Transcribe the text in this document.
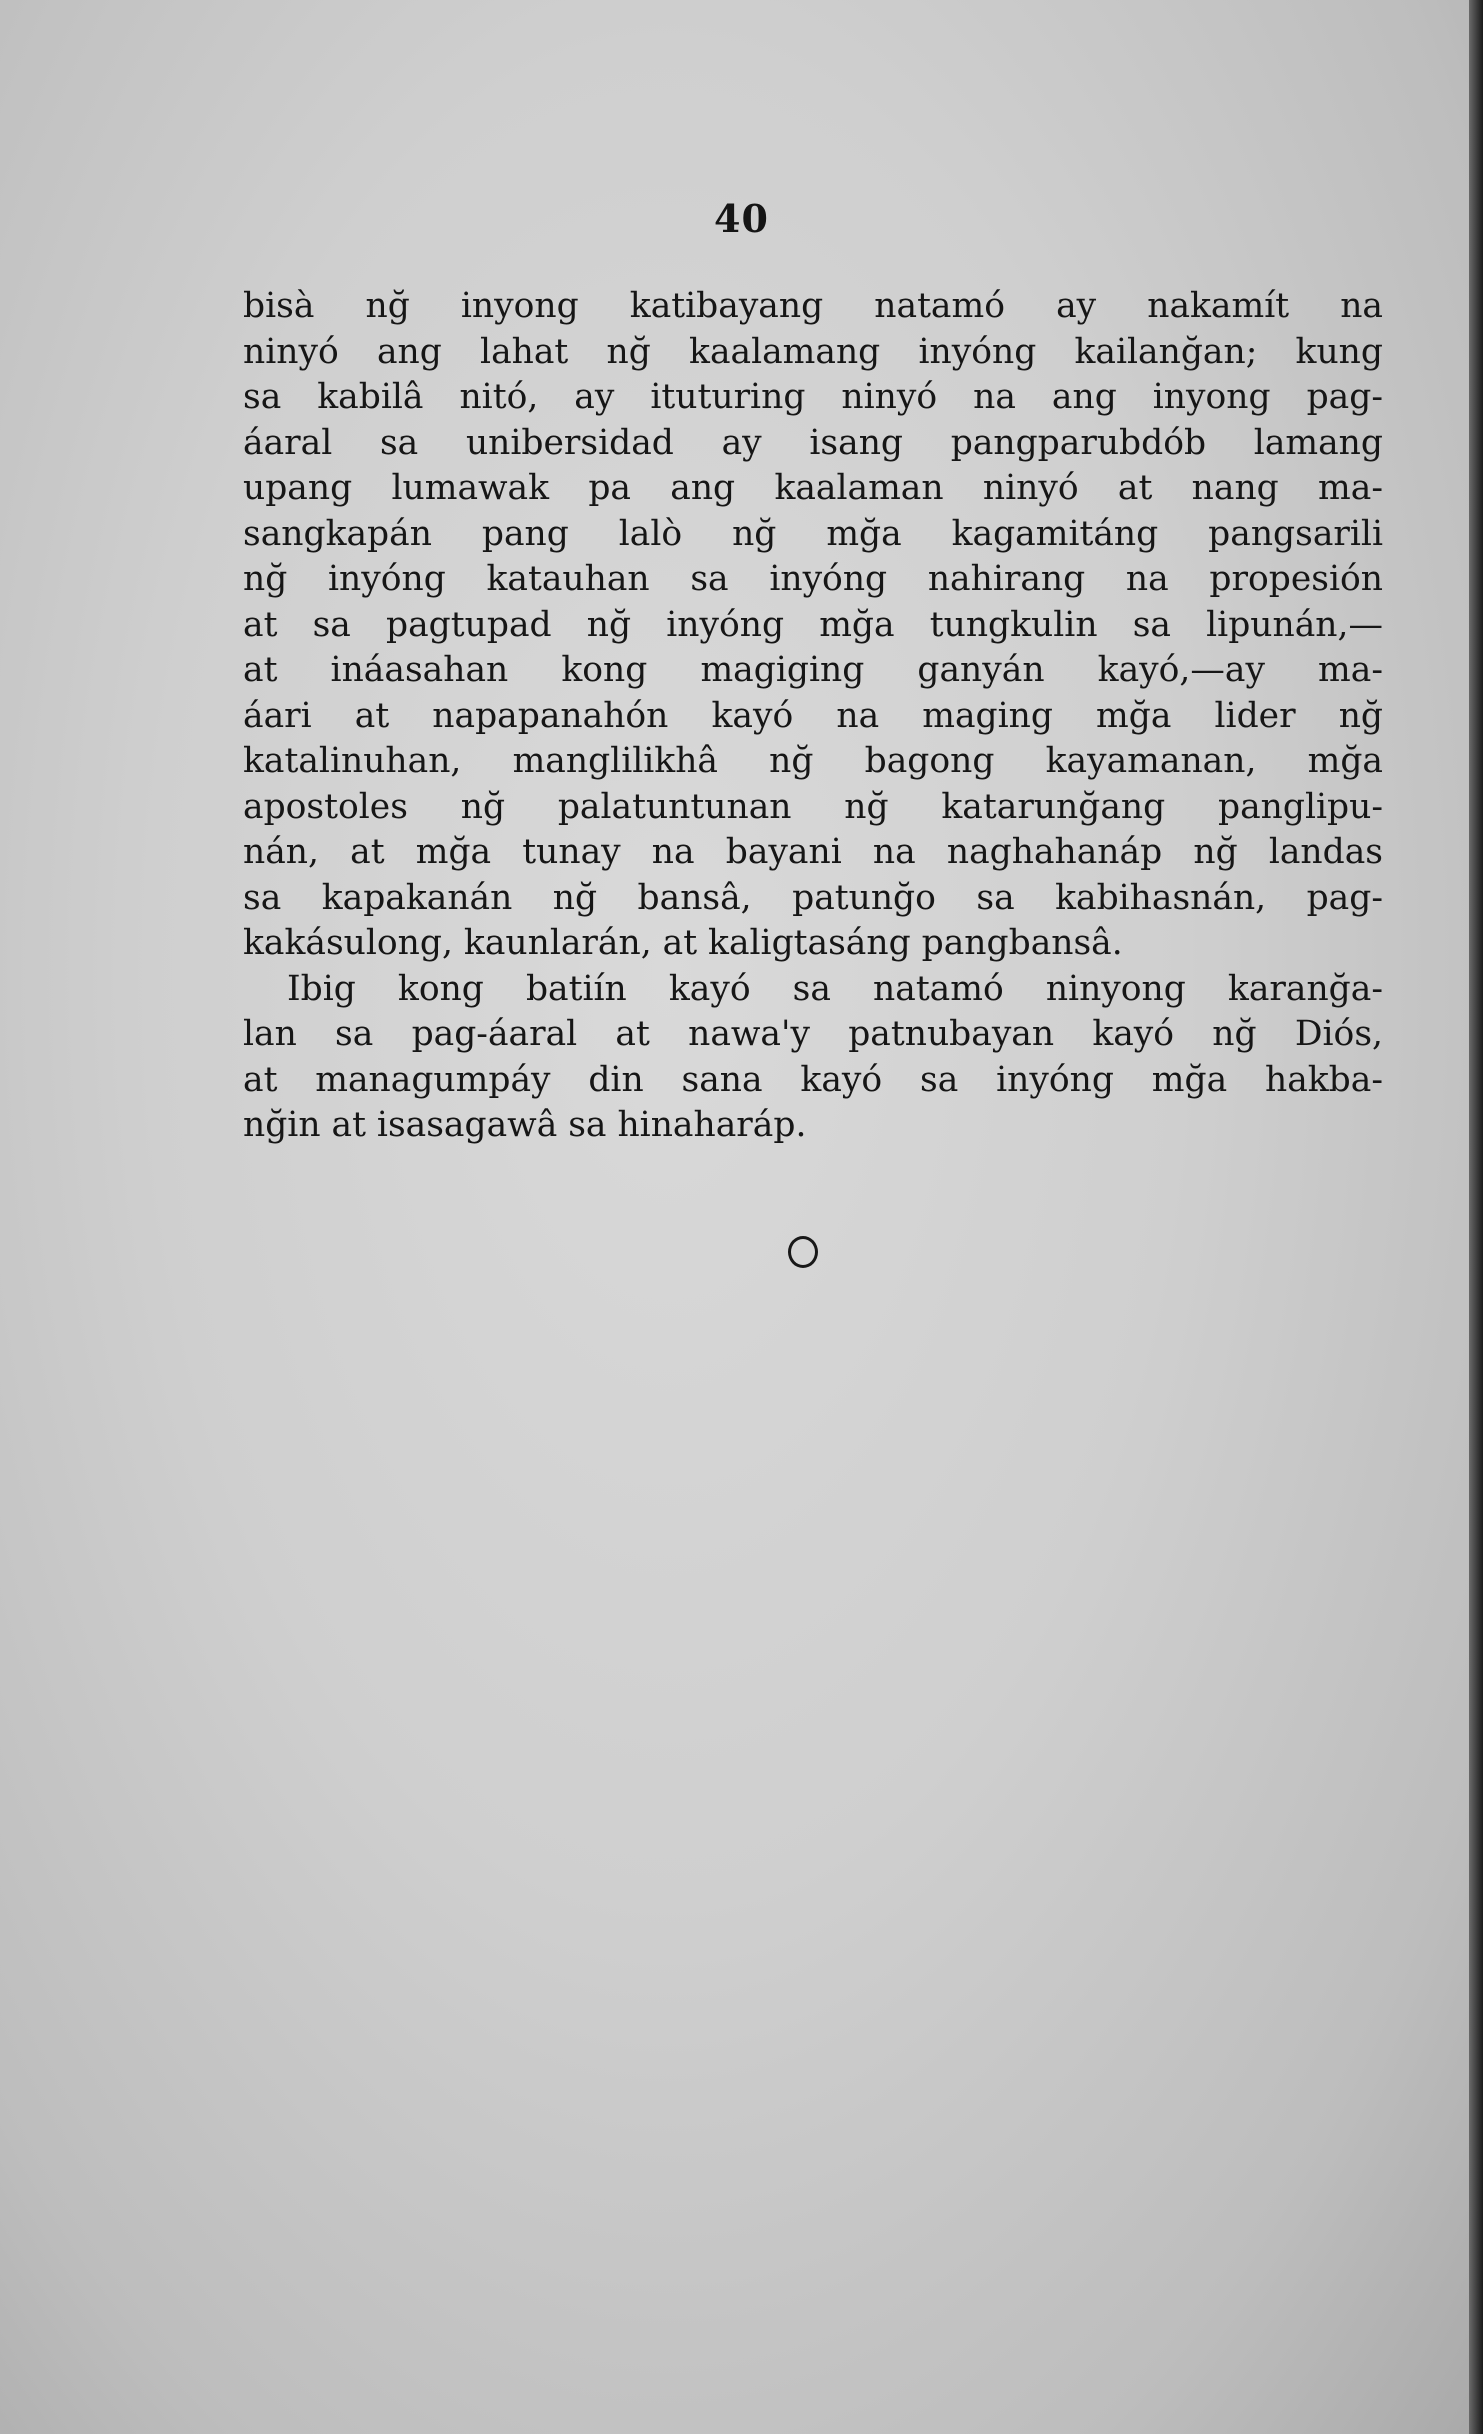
40
bisà nğ inyong katibayang natamó ay nakamít na
ninyó ang lahat nğ kaalamang inyóng kailanğan; kung
sa kabilâ nitó, ay ituturing ninyó na ang inyong pag-
áaral sa unibersidad ay isang pangparubdób lamang
upang lumawak pa ang kaalaman ninyó at nang ma-
sangkapán pang lalò nğ mğa kagamitáng pangsarili
nğ inyóng katauhan sa inyóng nahirang na propesión
at sa pagtupad nğ inyóng mğa tungkulin sa lipunán,—
at ináasahan kong magiging ganyán kayó,—ay ma-
áari at napapanahón kayó na maging mğa lider nğ
katalinuhan, manglilikhâ nğ bagong kayamanan, mğa
apostoles nğ palatuntunan nğ katarunğang panglipu-
nán, at mğa tunay na bayani na naghahanáp nğ landas
sa kapakanán nğ bansâ, patunğo sa kabihasnán, pag-
kakásulong, kaunlarán, at kaligtasáng pangbansâ.
Ibig kong batiín kayó sa natamó ninyong karanğa-
lan sa pag-áaral at nawa'y patnubayan kayó nğ Diós,
at managumpáy din sana kayó sa inyóng mğa hakba-
nğin at isasagawâ sa hinaharáp.
